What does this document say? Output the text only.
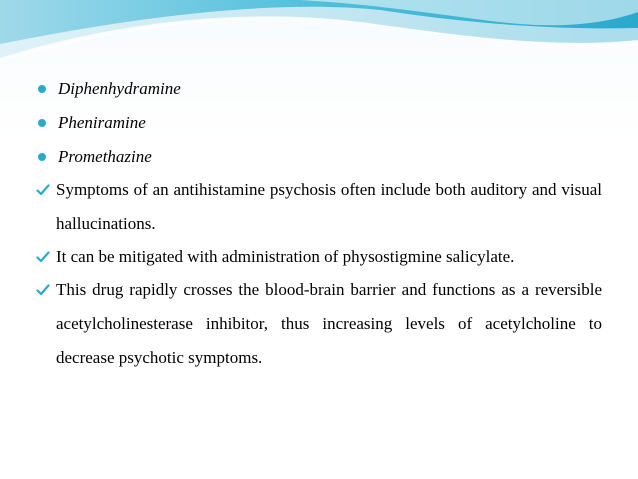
Diphenhydramine
Pheniramine
Promethazine
Symptoms of an antihistamine psychosis often include both auditory and visual hallucinations.
It can be mitigated with administration of physostigmine salicylate.
This drug rapidly crosses the blood-brain barrier and functions as a reversible acetylcholinesterase inhibitor, thus increasing levels of acetylcholine to decrease psychotic symptoms.
